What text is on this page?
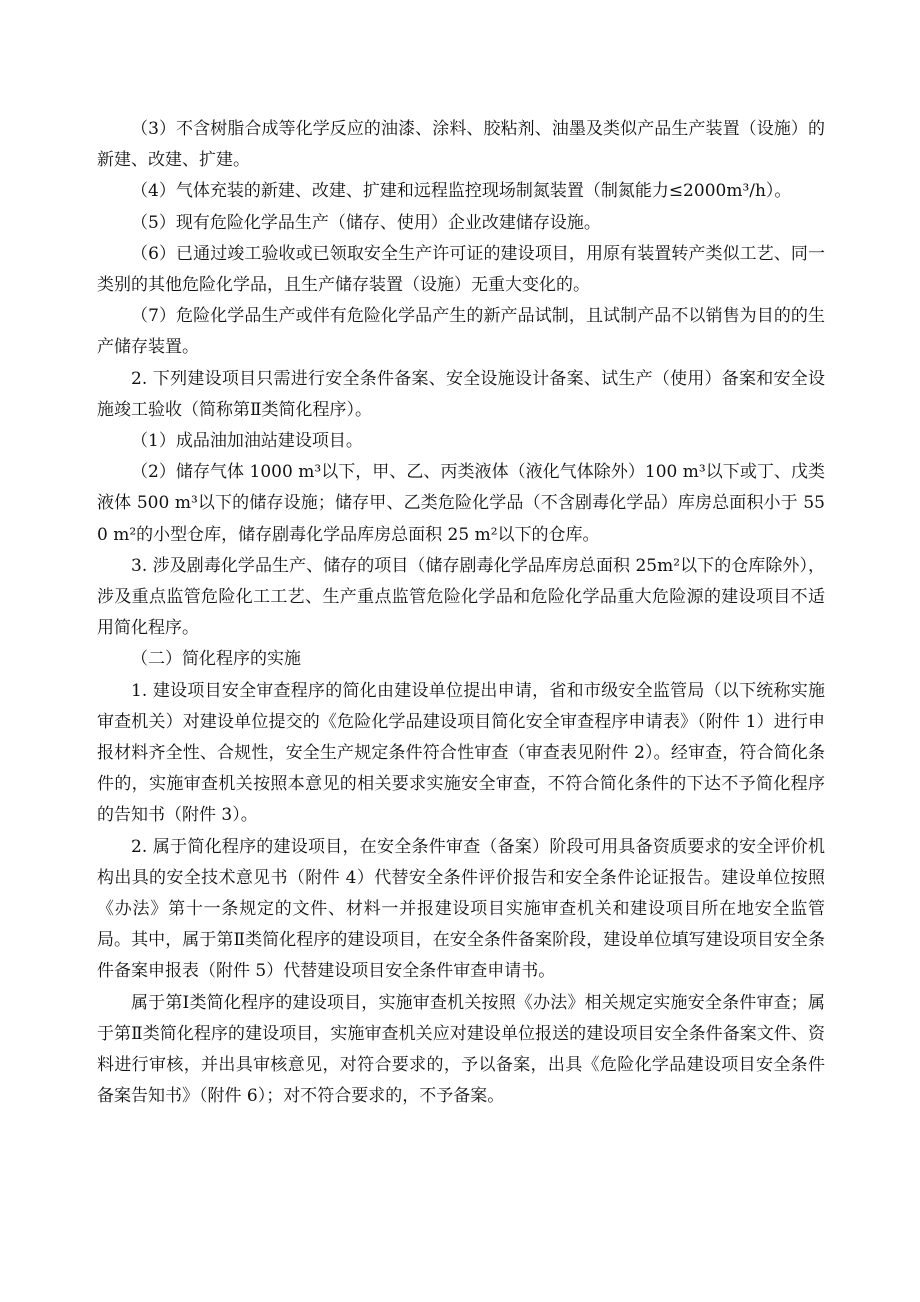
（3）不含树脂合成等化学反应的油漆、涂料、胶粘剂、油墨及类似产品生产装置（设施）的新建、改建、扩建。

（4）气体充装的新建、改建、扩建和远程监控现场制氮装置（制氮能力≤2000m³/h）。

（5）现有危险化学品生产（储存、使用）企业改建储存设施。

（6）已通过竣工验收或已领取安全生产许可证的建设项目，用原有装置转产类似工艺、同一类别的其他危险化学品，且生产储存装置（设施）无重大变化的。

（7）危险化学品生产或伴有危险化学品产生的新产品试制，且试制产品不以销售为目的的生产储存装置。

2. 下列建设项目只需进行安全条件备案、安全设施设计备案、试生产（使用）备案和安全设施竣工验收（简称第Ⅱ类简化程序）。

（1）成品油加油站建设项目。

（2）储存气体 1000 m³以下，甲、乙、丙类液体（液化气体除外）100 m³以下或丁、戊类液体 500 m³以下的储存设施；储存甲、乙类危险化学品（不含剧毒化学品）库房总面积小于 550 m²的小型仓库，储存剧毒化学品库房总面积 25 m²以下的仓库。

3. 涉及剧毒化学品生产、储存的项目（储存剧毒化学品库房总面积 25m²以下的仓库除外），涉及重点监管危险化工工艺、生产重点监管危险化学品和危险化学品重大危险源的建设项目不适用简化程序。

（二）简化程序的实施

1. 建设项目安全审查程序的简化由建设单位提出申请，省和市级安全监管局（以下统称实施审查机关）对建设单位提交的《危险化学品建设项目简化安全审查程序申请表》（附件 1）进行申报材料齐全性、合规性，安全生产规定条件符合性审查（审查表见附件 2）。经审查，符合简化条件的，实施审查机关按照本意见的相关要求实施安全审查，不符合简化条件的下达不予简化程序的告知书（附件 3）。

2. 属于简化程序的建设项目，在安全条件审查（备案）阶段可用具备资质要求的安全评价机构出具的安全技术意见书（附件 4）代替安全条件评价报告和安全条件论证报告。建设单位按照《办法》第十一条规定的文件、材料一并报建设项目实施审查机关和建设项目所在地安全监管局。其中，属于第Ⅱ类简化程序的建设项目，在安全条件备案阶段，建设单位填写建设项目安全条件备案申报表（附件 5）代替建设项目安全条件审查申请书。

属于第Ⅰ类简化程序的建设项目，实施审查机关按照《办法》相关规定实施安全条件审查；属于第Ⅱ类简化程序的建设项目，实施审查机关应对建设单位报送的建设项目安全条件备案文件、资料进行审核，并出具审核意见，对符合要求的，予以备案，出具《危险化学品建设项目安全条件备案告知书》（附件 6）；对不符合要求的，不予备案。
